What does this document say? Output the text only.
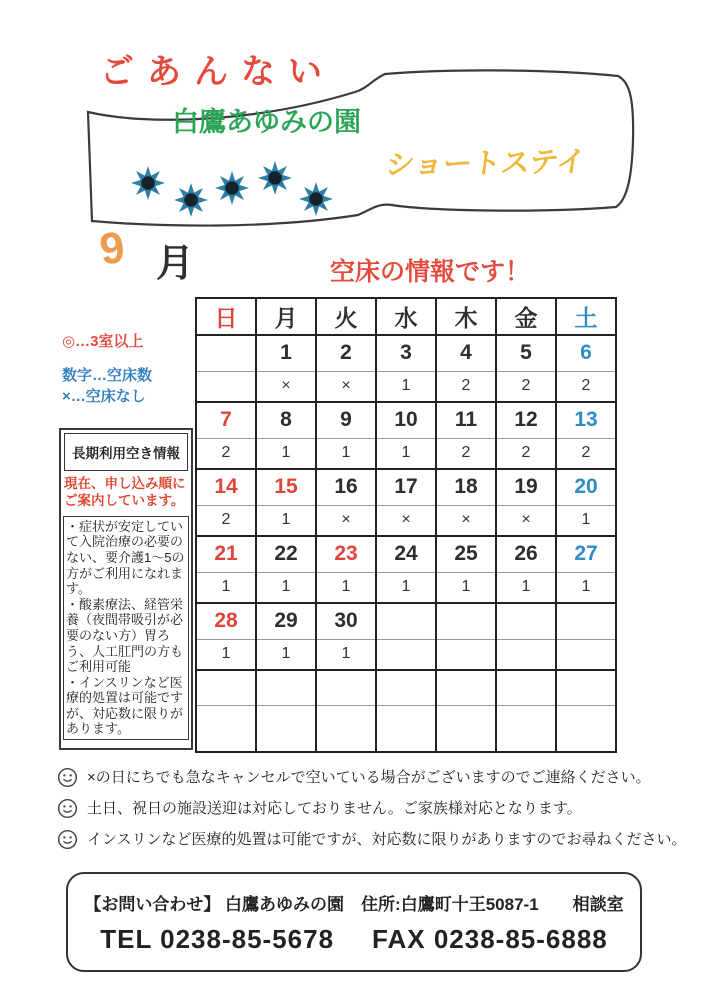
ごあんない
白鷹あゆみの園
ショートステイ
9 月	空床の情報です！
◎…3室以上
数字…空床数
×…空床なし
長期利用空き情報
現在、申し込み順にご案内しています。

・症状が安定していて入院治療の必要のない、要介護1～5の方がご利用になれます。

・酸素療法、経管栄養（夜間帯吸引が必要のない方）胃ろう、人工肛門の方もご利用可能

・インスリンなど医療的処置は可能ですが、対応数に限りがあります。

日	月	火	水	木	金	土
	1	2	3	4	5	6
	×	×	1	2	2	2
7	8	9	10	11	12	13
2	1	1	1	2	2	2
14	15	16	17	18	19	20
2	1	×	×	×	×	1
21	22	23	24	25	26	27
1	1	1	1	1	1	1
28	29	30				
1	1	1				

×の日にちでも急なキャンセルで空いている場合がございますのでご連絡ください。
土日、祝日の施設送迎は対応しておりません。ご家族様対応となります。
インスリンなど医療的処置は可能ですが、対応数に限りがありますのでお尋ねください。
【お問い合わせ】 白鷹あゆみの園　住所:白鷹町十王5087-1　　相談室
TEL 0238-85-5678 FAX 0238-85-6888
